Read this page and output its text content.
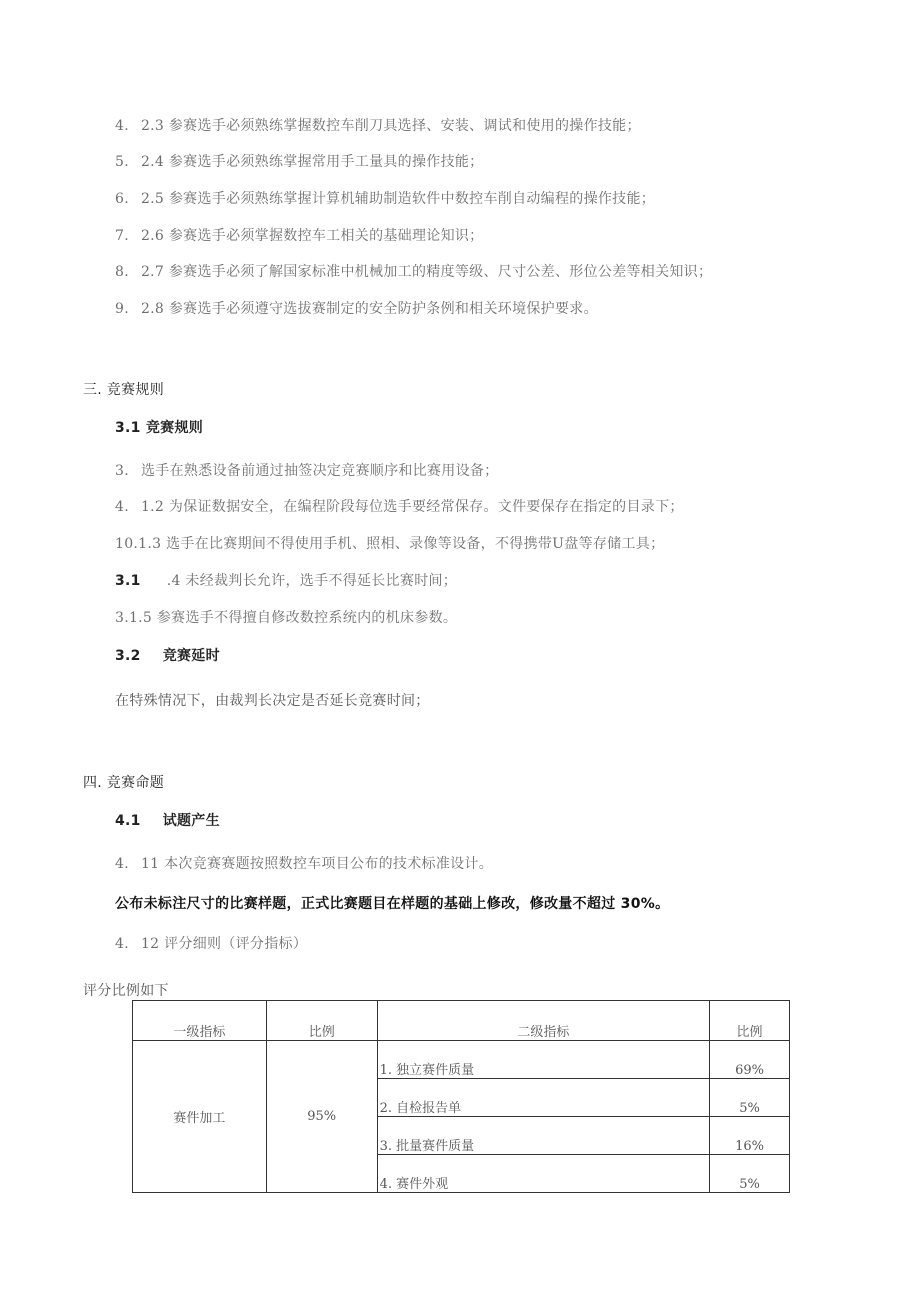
4. 2.3 参赛选手必须熟练掌握数控车削刀具选择、安装、调试和使用的操作技能；
5. 2.4 参赛选手必须熟练掌握常用手工量具的操作技能；
6. 2.5 参赛选手必须熟练掌握计算机辅助制造软件中数控车削自动编程的操作技能；
7. 2.6 参赛选手必须掌握数控车工相关的基础理论知识；
8. 2.7 参赛选手必须了解国家标准中机械加工的精度等级、尺寸公差、形位公差等相关知识；
9. 2.8 参赛选手必须遵守选拔赛制定的安全防护条例和相关环境保护要求。
三. 竞赛规则
3.1 竞赛规则
3. 选手在熟悉设备前通过抽签决定竞赛顺序和比赛用设备；
4. 1.2 为保证数据安全，在编程阶段每位选手要经常保存。文件要保存在指定的目录下；
10.1.3 选手在比赛期间不得使用手机、照相、录像等设备，不得携带U盘等存储工具；
3.1 .4 未经裁判长允许，选手不得延长比赛时间；
3.1.5 参赛选手不得擅自修改数控系统内的机床参数。
3.2 竞赛延时
在特殊情况下，由裁判长决定是否延长竞赛时间；
四. 竞赛命题
4.1 试题产生
4. 11 本次竞赛赛题按照数控车项目公布的技术标准设计。
公布未标注尺寸的比赛样题，正式比赛题目在样题的基础上修改，修改量不超过 30%。
4. 12 评分细则（评分指标）
评分比例如下
一级指标	比例	二级指标	比例
赛件加工	95%	1. 独立赛件质量	69%
		2. 自检报告单	5%
		3. 批量赛件质量	16%
		4. 赛件外观	5%
